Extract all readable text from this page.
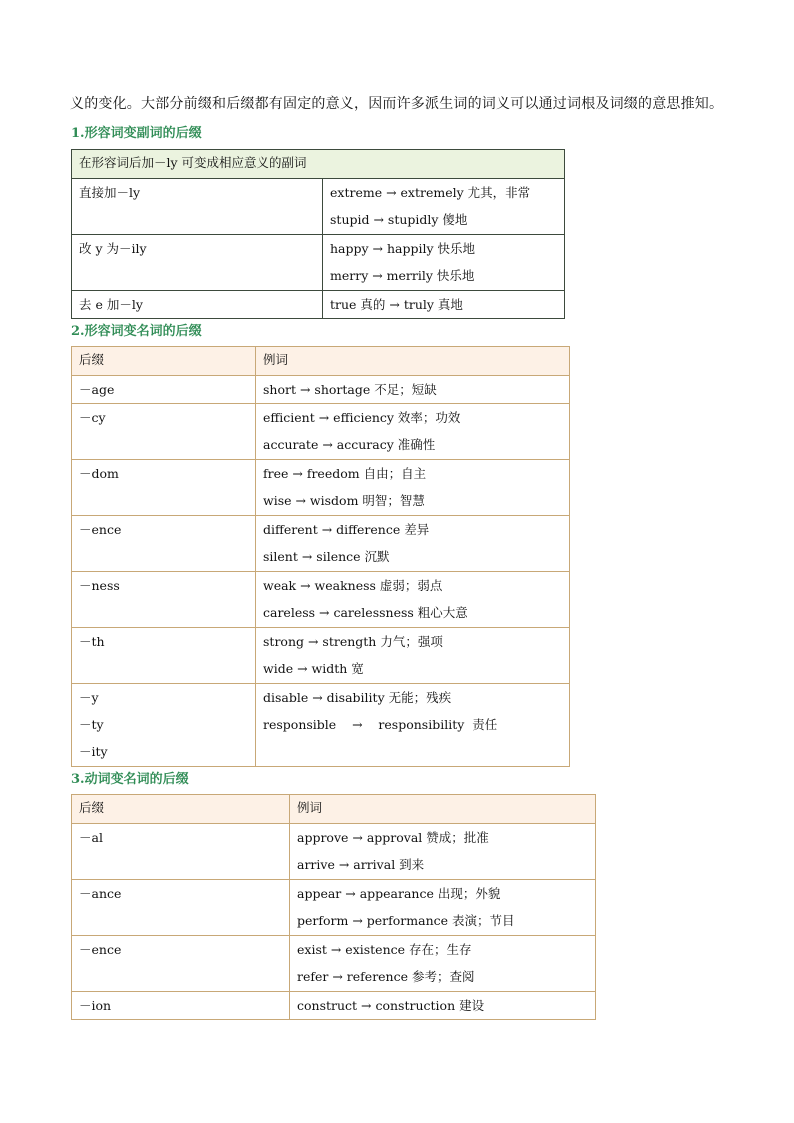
义的变化。大部分前缀和后缀都有固定的意义，因而许多派生词的词义可以通过词根及词缀的意思推知。
1.形容词变副词的后缀
在形容词后加－ly 可变成相应意义的副词	

直接加－ly	extreme → extremely 尤其，非常
stupid → stupidly 傻地

改 y 为－ily	happy → happily 快乐地
merry → merrily 快乐地

去 e 加－ly	true 真的 → truly 真地
2.形容词变名词的后缀
后缀	例词

－age	short → shortage 不足；短缺

－cy	efficient → efficiency 效率；功效
accurate → accuracy 准确性

－dom	free → freedom 自由；自主
wise → wisdom 明智；智慧

－ence	different → difference 差异
silent → silence 沉默

－ness	weak → weakness 虚弱；弱点
careless → carelessness 粗心大意

－th	strong → strength 力气；强项
wide → width 宽

－y
－ty
－ity	disable → disability 无能；残疾
responsible    →    responsibility  责任
3.动词变名词的后缀
后缀	例词

－al	approve → approval 赞成；批准
arrive → arrival 到来

－ance	appear → appearance 出现；外貌
perform → performance 表演；节目

－ence	exist → existence 存在；生存
refer → reference 参考；查阅

－ion	construct → construction 建设
